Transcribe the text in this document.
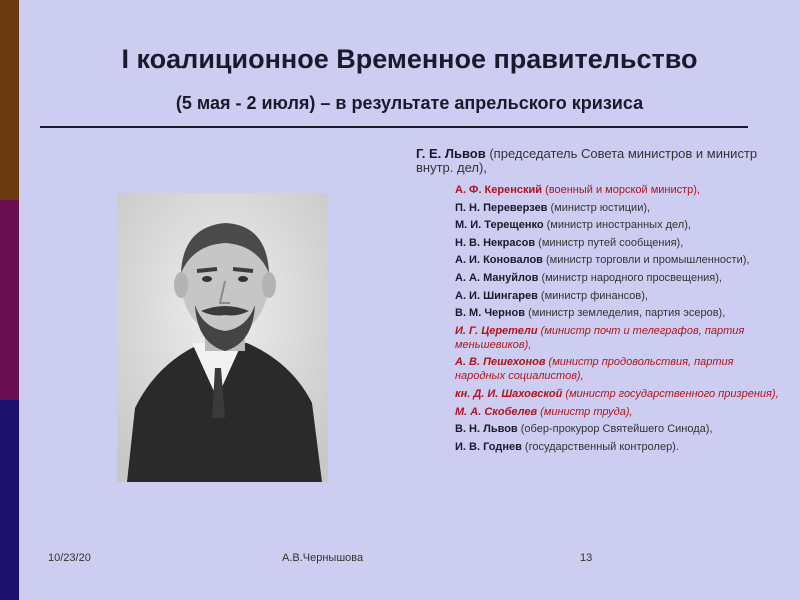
I коалиционное Временное правительство
(5 мая - 2 июля) – в результате апрельского кризиса
Г. Е. Львов (председатель Совета министров и министр внутр. дел),
А. Ф. Керенский (военный и морской министр),
П. Н. Переверзев (министр юстиции),
М. И. Терещенко (министр иностранных дел),
Н. В. Некрасов (министр путей сообщения),
А. И. Коновалов (министр торговли и промышленности),
А. А. Мануйлов (министр народного просвещения),
А. И. Шингарев (министр финансов),
В. М. Чернов (министр земледелия, партия эсеров),
И. Г. Церетели (министр почт и телеграфов, партия меньшевиков),
А. В. Пешехонов (министр продовольствия, партия народных социалистов),
кн. Д. И. Шаховской (министр государственного призрения),
М. А. Скобелев (министр труда),
В. Н. Львов (обер-прокурор Святейшего Синода),
И. В. Годнев (государственный контролер).
10/23/20	А.В.Чернышова	13
